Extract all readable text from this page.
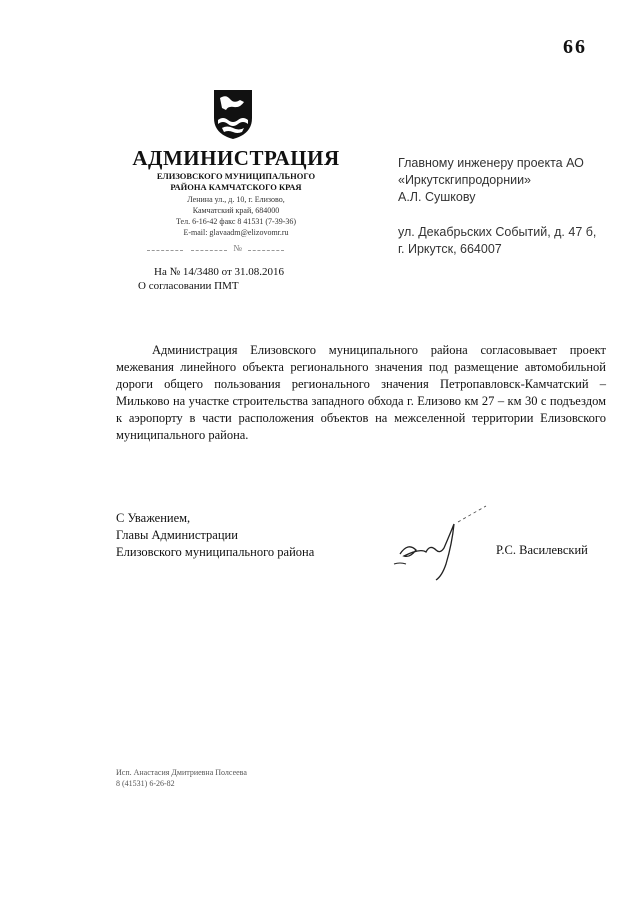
66
АДМИНИСТРАЦИЯ
ЕЛИЗОВСКОГО МУНИЦИПАЛЬНОГО
РАЙОНА КАМЧАТСКОГО КРАЯ
Ленина ул., д. 10, г. Елизово,
Камчатский край, 684000
Тел. 6-16-42 факс 8 41531 (7-39-36)
E-mail: glavaadm@elizovomr.ru
№
На № 14/3480 от 31.08.2016
О согласовании ПМТ
Главному инженеру проекта АО
«Иркутскгипродорнии»
А.Л. Сушкову
ул. Декабрьских Событий, д. 47 б,
г. Иркутск, 664007
Администрация Елизовского муниципального района согласовывает проект межевания линейного объекта регионального значения под размещение автомобильной дороги общего пользования регионального значения Петропавловск-Камчатский – Мильково на участке строительства западного обхода г. Елизово км 27 – км 30 с подъездом к аэропорту в части расположения объектов на межселенной территории Елизовского муниципального района.
С Уважением,
Главы Администрации
Елизовского муниципального района	Р.С. Василевский
Исп. Анастасия Дмитриевна Полсеева
8 (41531) 6-26-82
